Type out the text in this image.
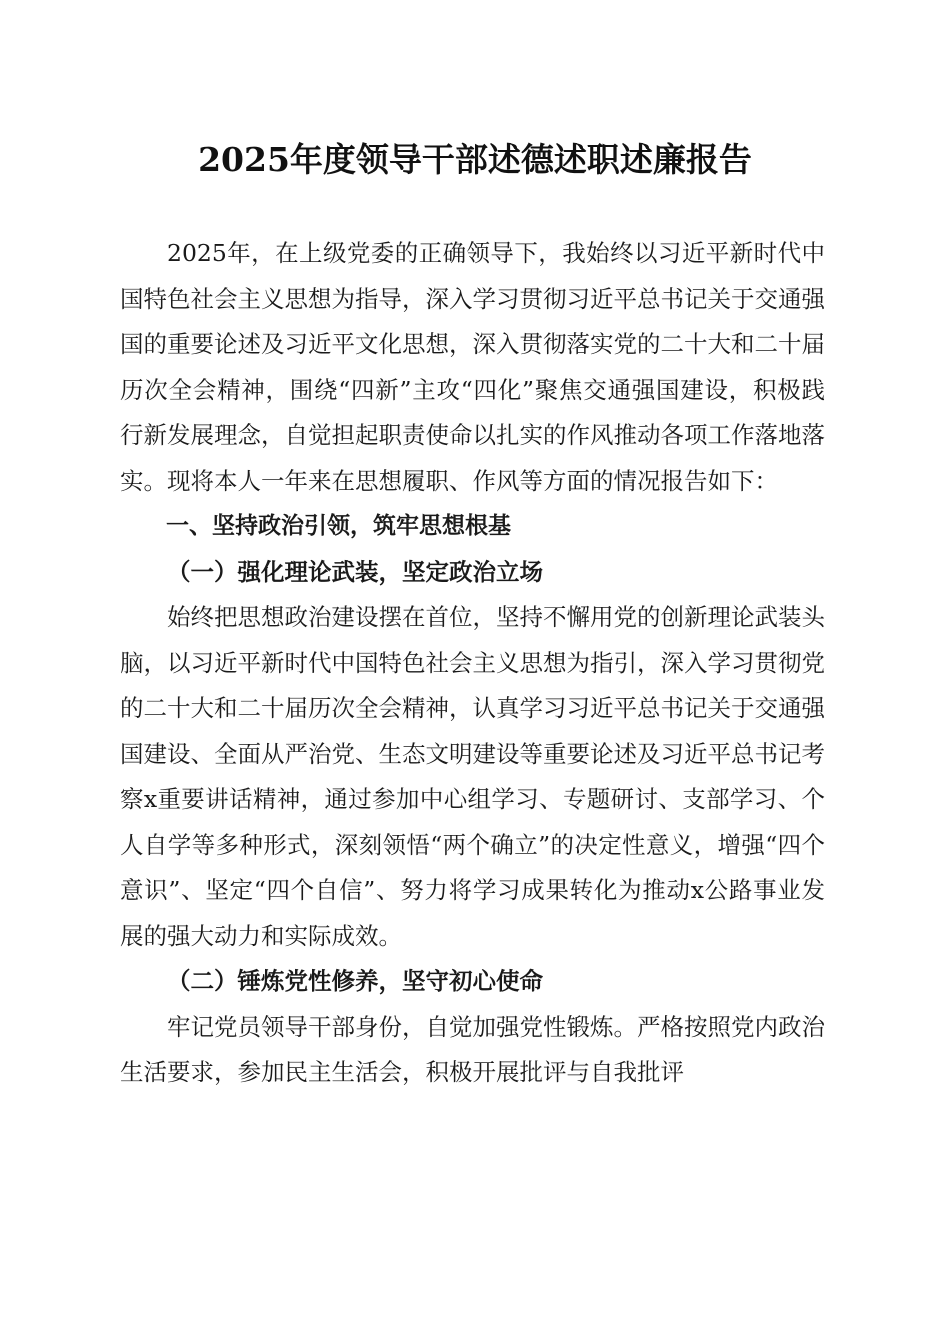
2025年度领导干部述德述职述廉报告

2025年，在上级党委的正确领导下，我始终以习近平新时代中国特色社会主义思想为指导，深入学习贯彻习近平总书记关于交通强国的重要论述及习近平文化思想，深入贯彻落实党的二十大和二十届历次全会精神，围绕“四新”主攻“四化”聚焦交通强国建设，积极践行新发展理念，自觉担起职责使命以扎实的作风推动各项工作落地落实。现将本人一年来在思想履职、作风等方面的情况报告如下：

一、坚持政治引领，筑牢思想根基

（一）强化理论武装，坚定政治立场

始终把思想政治建设摆在首位，坚持不懈用党的创新理论武装头脑，以习近平新时代中国特色社会主义思想为指引，深入学习贯彻党的二十大和二十届历次全会精神，认真学习习近平总书记关于交通强国建设、全面从严治党、生态文明建设等重要论述及习近平总书记考察x重要讲话精神，通过参加中心组学习、专题研讨、支部学习、个人自学等多种形式，深刻领悟“两个确立”的决定性意义，增强“四个意识”、坚定“四个自信”、努力将学习成果转化为推动x公路事业发展的强大动力和实际成效。

（二）锤炼党性修养，坚守初心使命

牢记党员领导干部身份，自觉加强党性锻炼。严格按照党内政治生活要求，参加民主生活会，积极开展批评与自我批评
